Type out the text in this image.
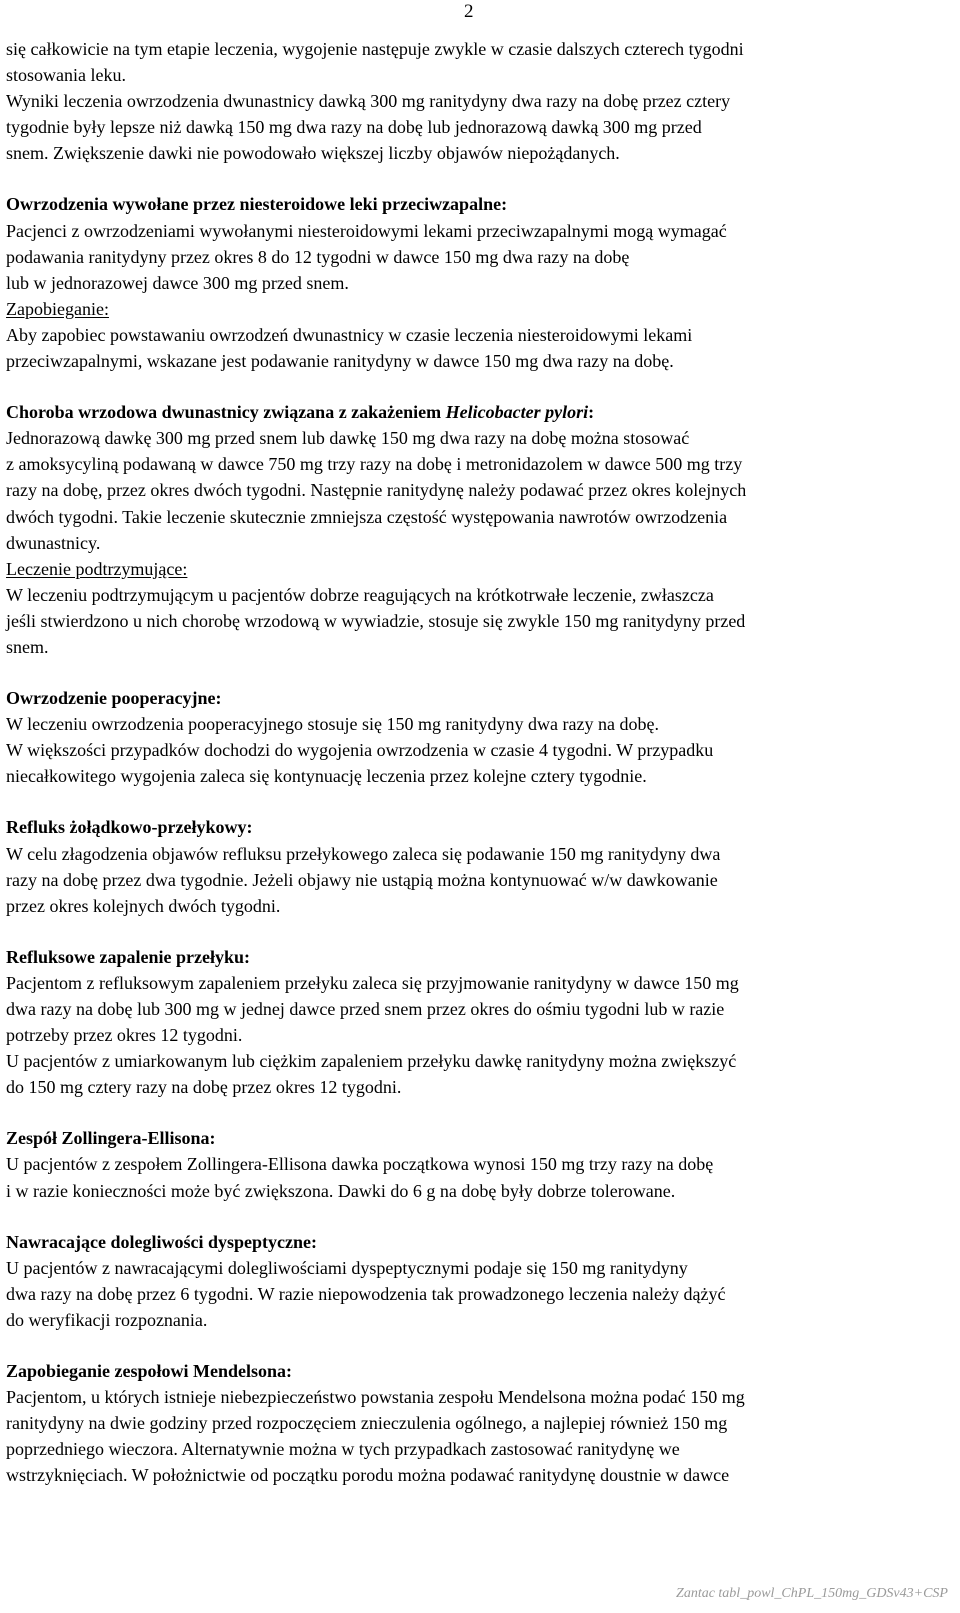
2

się całkowicie na tym etapie leczenia, wygojenie następuje zwykle w czasie dalszych czterech tygodni

stosowania leku.

Wyniki leczenia owrzodzenia dwunastnicy dawką 300 mg ranitydyny dwa razy na dobę przez cztery

tygodnie były lepsze niż dawką 150 mg dwa razy na dobę lub jednorazową dawką 300 mg przed

snem. Zwiększenie dawki nie powodowało większej liczby objawów niepożądanych.

Owrzodzenia wywołane przez niesteroidowe leki przeciwzapalne:

Pacjenci z owrzodzeniami wywołanymi niesteroidowymi lekami przeciwzapalnymi mogą wymagać

podawania ranitydyny przez okres 8 do 12 tygodni w dawce 150 mg dwa razy na dobę

lub w jednorazowej dawce 300 mg przed snem.

Zapobieganie:

Aby zapobiec powstawaniu owrzodzeń dwunastnicy w czasie leczenia niesteroidowymi lekami

przeciwzapalnymi, wskazane jest podawanie ranitydyny w dawce 150 mg dwa razy na dobę.

Choroba wrzodowa dwunastnicy związana z zakażeniem Helicobacter pylori:

Jednorazową dawkę 300 mg przed snem lub dawkę 150 mg dwa razy na dobę można stosować

z amoksycyliną podawaną w dawce 750 mg trzy razy na dobę i metronidazolem w dawce 500 mg trzy

razy na dobę, przez okres dwóch tygodni. Następnie ranitydynę należy podawać przez okres kolejnych

dwóch tygodni. Takie leczenie skutecznie zmniejsza częstość występowania nawrotów owrzodzenia

dwunastnicy.

Leczenie podtrzymujące:

W leczeniu podtrzymującym u pacjentów dobrze reagujących na krótkotrwałe leczenie, zwłaszcza

jeśli stwierdzono u nich chorobę wrzodową w wywiadzie, stosuje się zwykle 150 mg ranitydyny przed

snem.

Owrzodzenie pooperacyjne:

W leczeniu owrzodzenia pooperacyjnego stosuje się 150 mg ranitydyny dwa razy na dobę.

W większości przypadków dochodzi do wygojenia owrzodzenia w czasie 4 tygodni. W przypadku

niecałkowitego wygojenia zaleca się kontynuację leczenia przez kolejne cztery tygodnie.

Refluks żołądkowo-przełykowy:

W celu złagodzenia objawów refluksu przełykowego zaleca się podawanie 150 mg ranitydyny dwa

razy na dobę przez dwa tygodnie. Jeżeli objawy nie ustąpią można kontynuować w/w dawkowanie

przez okres kolejnych dwóch tygodni.

Refluksowe zapalenie przełyku:

Pacjentom z refluksowym zapaleniem przełyku zaleca się przyjmowanie ranitydyny w dawce 150 mg

dwa razy na dobę lub 300 mg w jednej dawce przed snem przez okres do ośmiu tygodni lub w razie

potrzeby przez okres 12 tygodni.

U pacjentów z umiarkowanym lub ciężkim zapaleniem przełyku dawkę ranitydyny można zwiększyć

do 150 mg cztery razy na dobę przez okres 12 tygodni.

Zespół Zollingera-Ellisona:

U pacjentów z zespołem Zollingera-Ellisona dawka początkowa wynosi 150 mg trzy razy na dobę

i w razie konieczności może być zwiększona. Dawki do 6 g na dobę były dobrze tolerowane.

Nawracające dolegliwości dyspeptyczne:

U pacjentów z nawracającymi dolegliwościami dyspeptycznymi podaje się 150 mg ranitydyny

dwa razy na dobę przez 6 tygodni. W razie niepowodzenia tak prowadzonego leczenia należy dążyć

do weryfikacji rozpoznania.

Zapobieganie zespołowi Mendelsona:

Pacjentom, u których istnieje niebezpieczeństwo powstania zespołu Mendelsona można podać 150 mg

ranitydyny na dwie godziny przed rozpoczęciem znieczulenia ogólnego, a najlepiej również 150 mg

poprzedniego wieczora. Alternatywnie można w tych przypadkach zastosować ranitydynę we

wstrzyknięciach. W położnictwie od początku porodu można podawać ranitydynę doustnie w dawce

Zantac tabl_powl_ChPL_150mg_GDSv43+CSP
